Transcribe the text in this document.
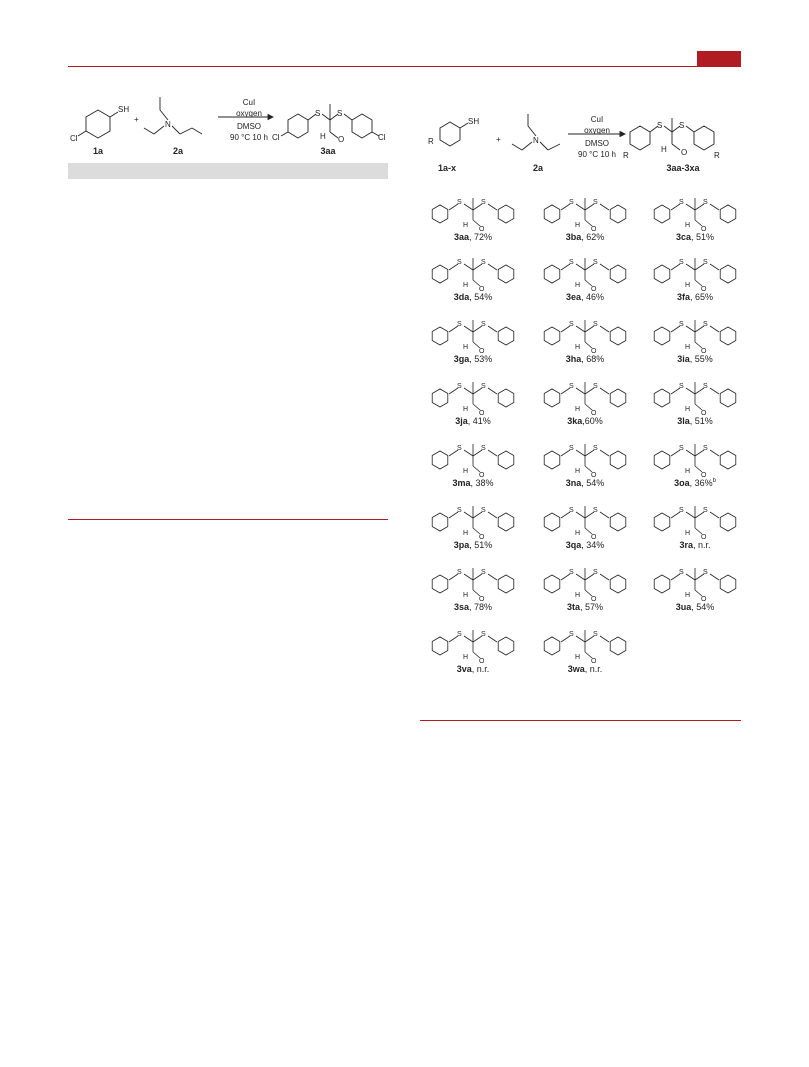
SH
Cl
N
+
S S
H O
Cl	Cl
CuI
oxygen
DMSO
90 °C 10 h
1a	2a	3aa
SH
R	+	N
S S
H O
R	R
CuI
oxygen
DMSO
90 °C 10 h
1a-x	2a	3aa-3xa
S	S
H
O
3aa, 72%
S	S
H
O
3ba, 62%
S	S
H
O
3ca, 51%
S	S
H
O
3da, 54%
S	S
H
O
3ea, 46%
S	S
H
O
3fa, 65%
S	S
H
O
3ga, 53%
S	S
H
O
3ha, 68%
S	S
H
O
3ia, 55%
S	S
H
O
3ja, 41%
S	S
H
O
3ka,60%
S	S
H
O
3la, 51%
S	S
H
O
3ma, 38%
S	S
H
O
3na, 54%
S	S
H
O
3oa, 36%$^b$
S	S
H
O
3pa, 51%
S	S
H
O
3qa, 34%
S	S
H
O
3ra, n.r.
S	S
H
O
3sa, 78%
S	S
H
O
3ta, 57%
S	S
H
O
3ua, 54%
S	S
H
O
3va, n.r.
S	S
H
O
3wa, n.r.
